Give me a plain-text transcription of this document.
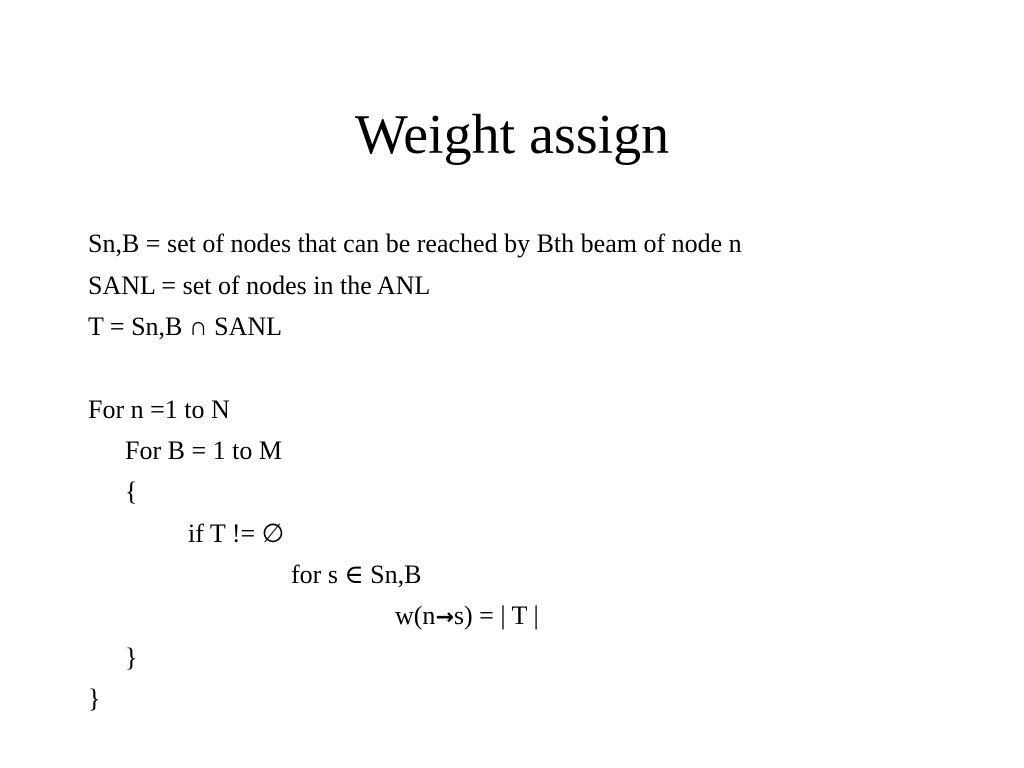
Weight assign
Sn,B = set of nodes that can be reached by Bth beam of node n
SANL = set of nodes in the ANL
T = Sn,B ∩ SANL
For n =1 to N
For B = 1 to M
{
if T != ∅
for s ∈ Sn,B
w(n→s) = | T |
}
}
